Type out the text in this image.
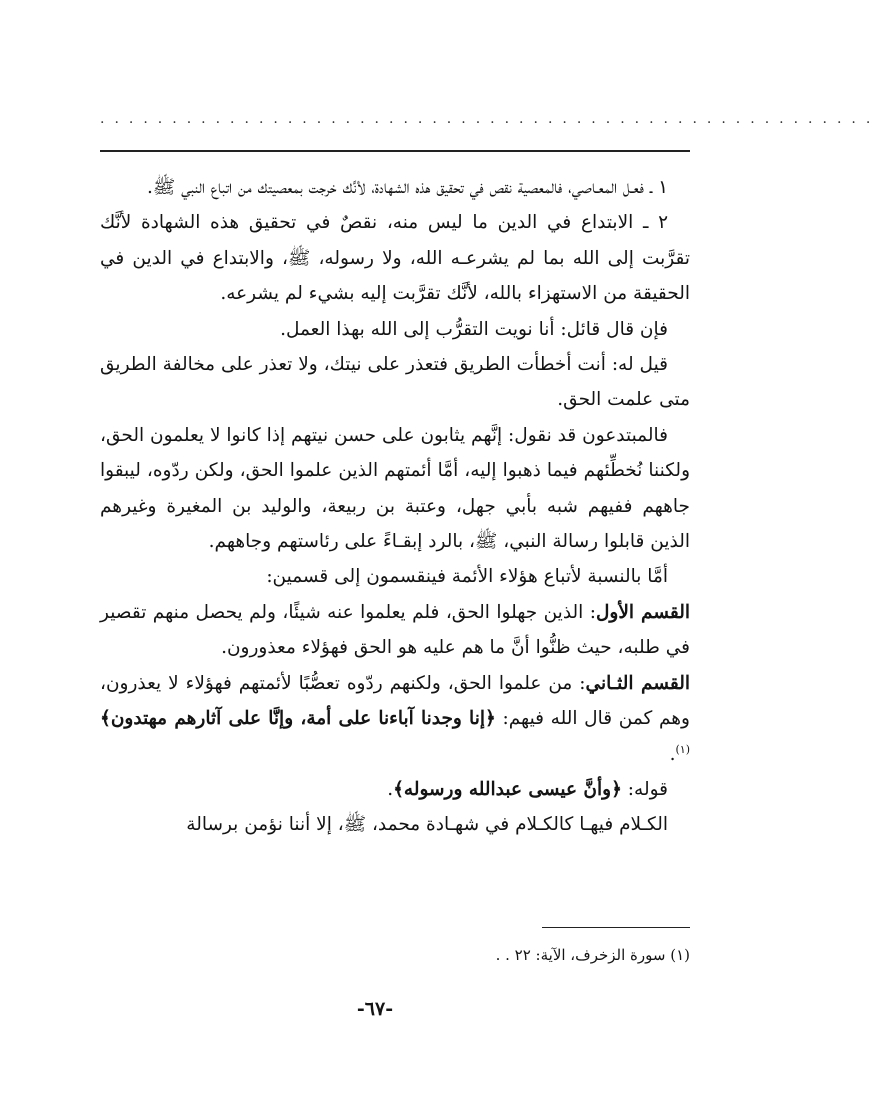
......................................................

١ ـ فعـل المعـاصي، فالمعصية نقص في تحقيق هذه الشهادة، لأنَّك خرجت بمعصيتك من اتباع النبي ﷺ.

٢ ـ الابتداع في الدين ما ليس منه، نقصٌ في تحقيق هذه الشهادة لأنَّك تقرَّبت إلى الله بما لم يشرعـه الله، ولا رسوله، ﷺ، والابتداع في الدين في الحقيقة من الاستهزاء بالله، لأنَّك تقرَّبت إليه بشيء لم يشرعه.

فإن قال قائل: أنا نويت التقرُّب إلى الله بهذا العمل.

قيل له: أنت أخطأت الطريق فتعذر على نيتك، ولا تعذر على مخالفة الطريق متى علمت الحق.

فالمبتدعون قد نقول: إنَّهم يثابون على حسن نيتهم إذا كانوا لا يعلمون الحق، ولكننا نُخطِّئهم فيما ذهبوا إليه، أمَّا أئمتهم الذين علموا الحق، ولكن ردّوه، ليبقوا جاههم ففيهم شبه بأبي جهل، وعتبة بن ربيعة، والوليد بن المغيرة وغيرهم الذين قابلوا رسالة النبي، ﷺ، بالرد إبقـاءً على رئاستهم وجاههم.

أمَّا بالنسبة لأتباع هؤلاء الأئمة فينقسمون إلى قسمين:

القسم الأول: الذين جهلوا الحق، فلم يعلموا عنه شيئًا، ولم يحصل منهم تقصير في طلبه، حيث ظنُّوا أنَّ ما هم عليه هو الحق فهؤلاء معذورون.

القسم الثـاني: من علموا الحق، ولكنهم ردّوه تعصُّبًا لأئمتهم فهؤلاء لا يعذرون، وهم كمن قال الله فيهم: ﴿إنا وجدنا آباءنا على أمة، وإنَّا على آثارهم مهتدون﴾$^{(١)}$.

قوله: ﴿وأنَّ عيسى عبدالله ورسوله﴾.

الكـلام فيهـا كالكـلام في شهـادة محمد، ﷺ، إلا أننا نؤمن برسالة

(١) سورة الزخرف، الآية: ٢٢ . .
-٦٧-
